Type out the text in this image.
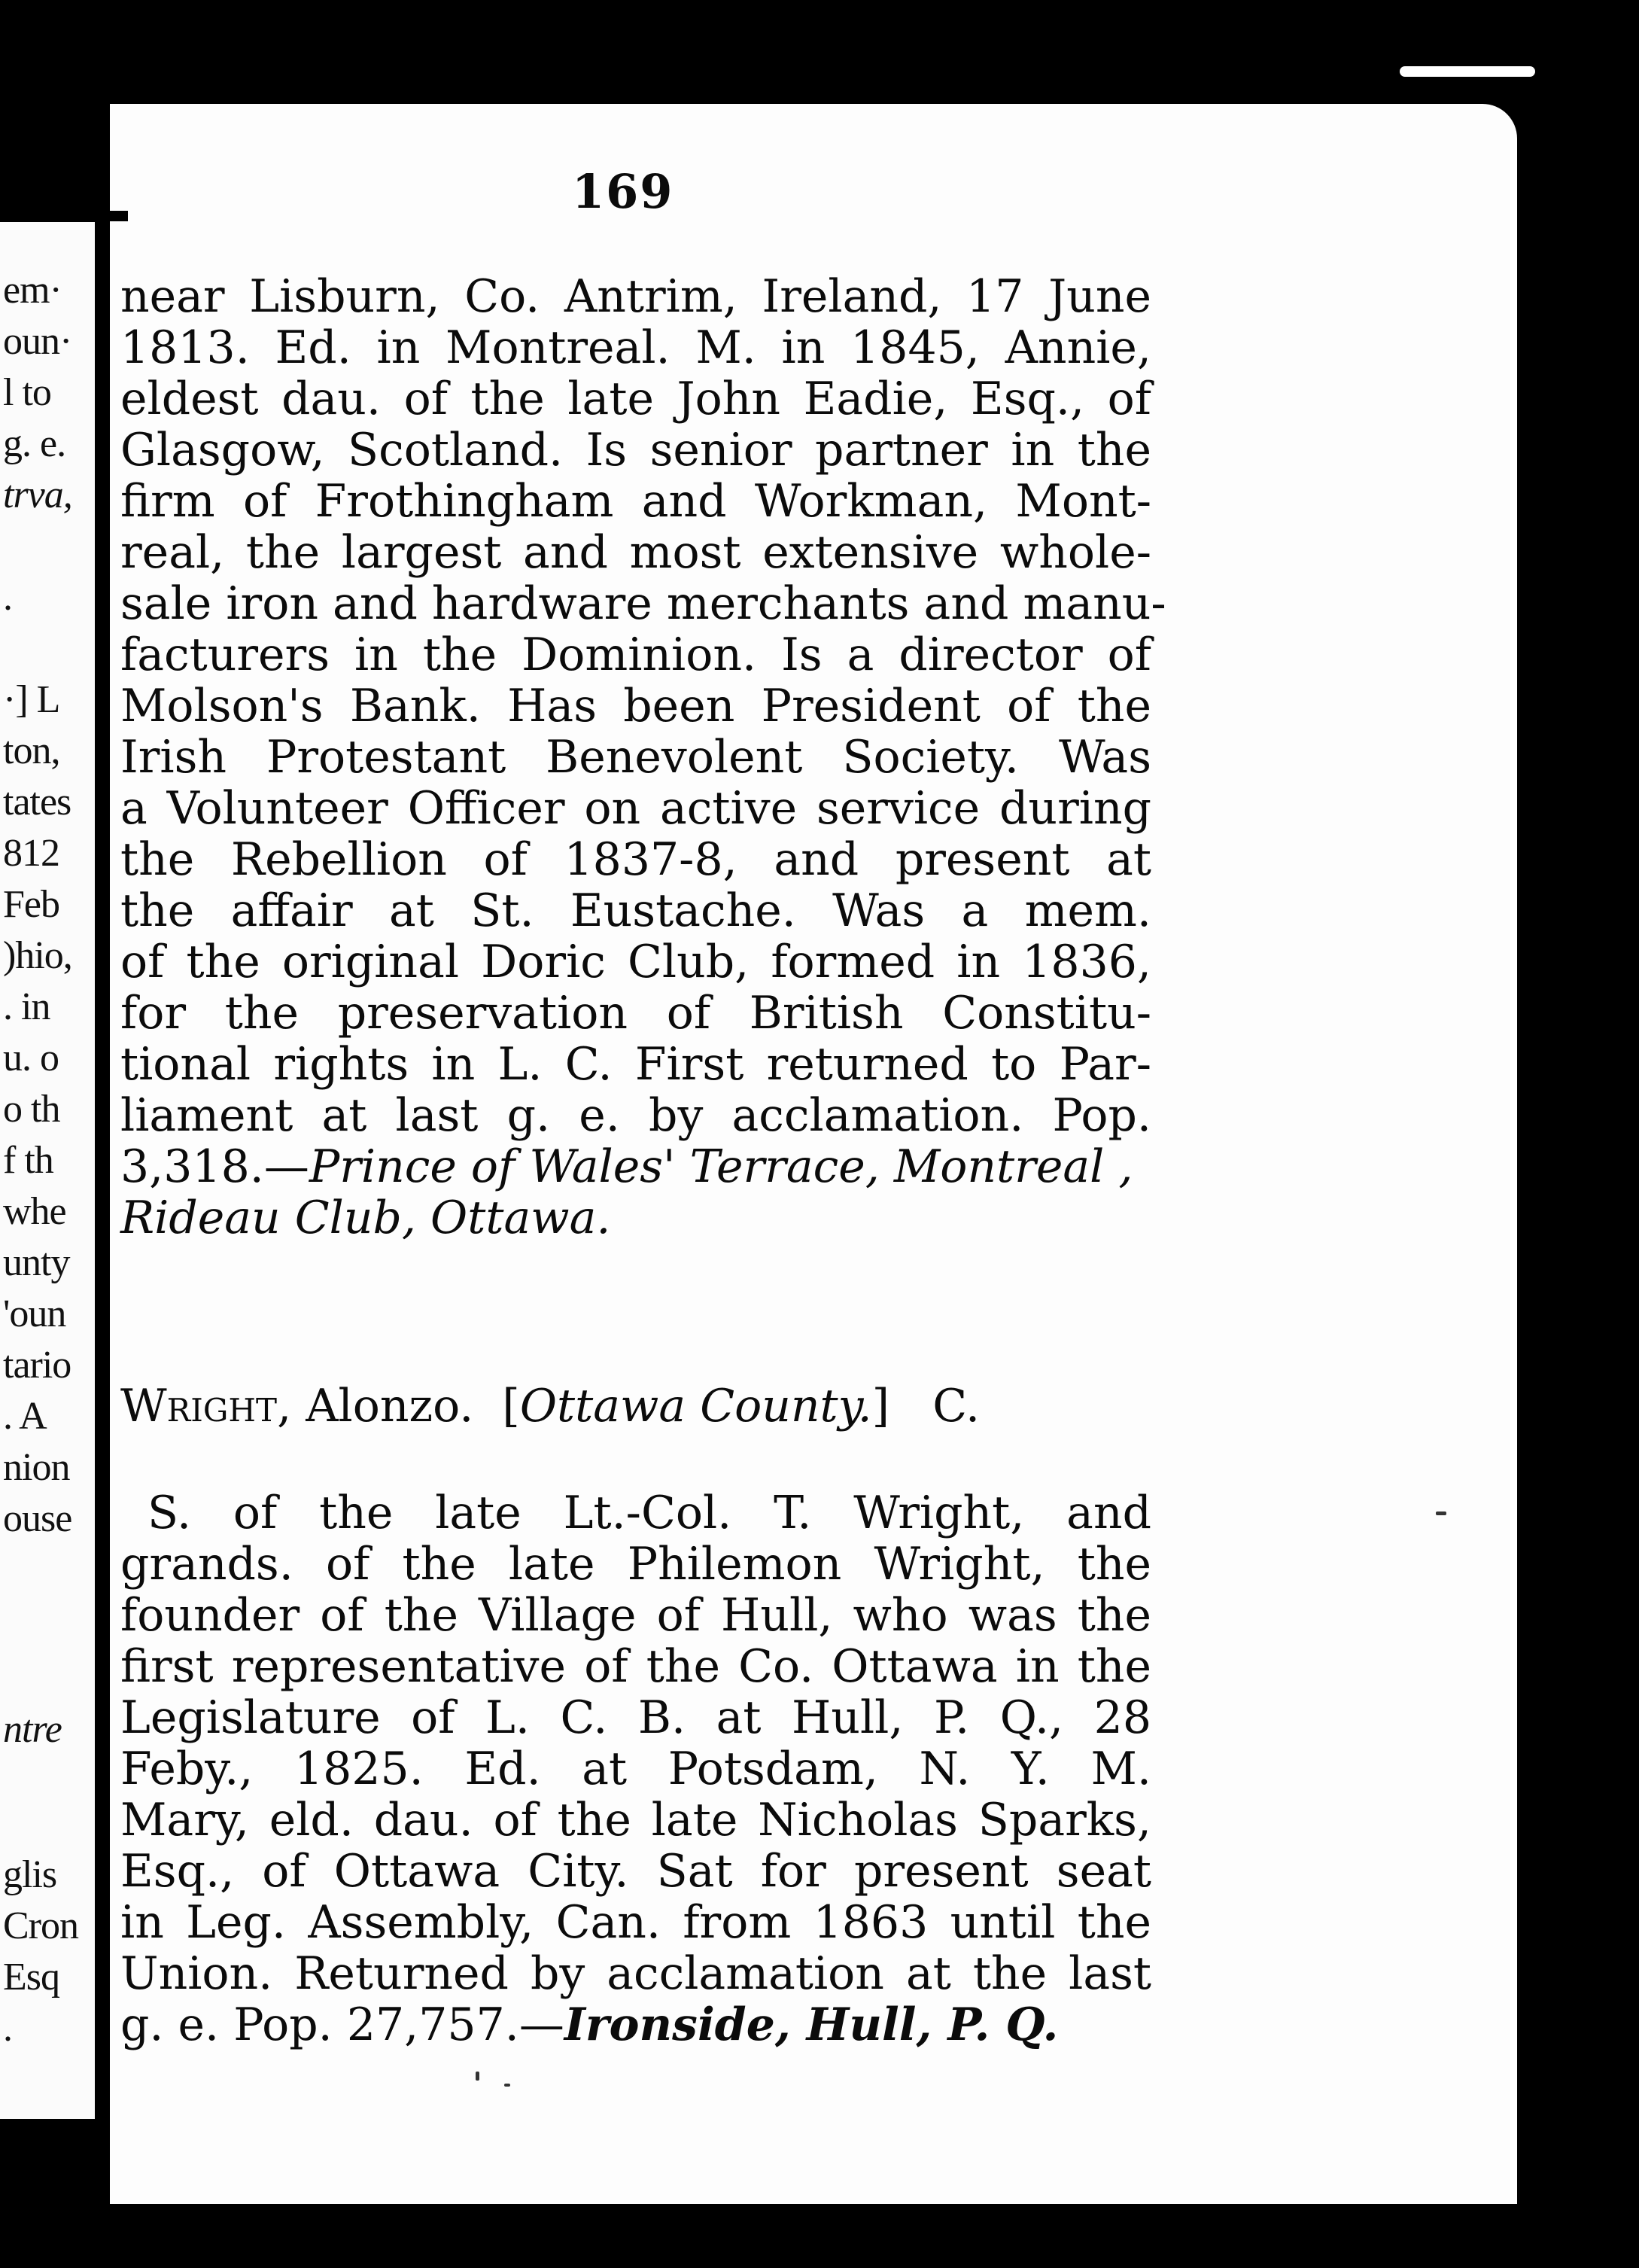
em·
oun·
l to
g. e.
trva,
.
·] L
ton,
tates
812
Feb
)hio,
. in
u. o
o th
f th
whe
unty
'oun
tario
. A
nion
ouse
ntre
glis
Cron
Esq
.
169
near Lisburn, Co. Antrim, Ireland, 17 June
1813. Ed. in Montreal. M. in 1845, Annie,
eldest dau. of the late John Eadie, Esq., of
Glasgow, Scotland. Is senior partner in the
firm of Frothingham and Workman, Mont-
real, the largest and most extensive whole-
sale iron and hardware merchants and manu-
facturers in the Dominion. Is a director of
Molson's Bank. Has been President of the
Irish Protestant Benevolent Society. Was
a Volunteer Officer on active service during
the Rebellion of 1837-8, and present at
the affair at St. Eustache. Was a mem.
of the original Doric Club, formed in 1836,
for the preservation of British Constitu-
tional rights in L. C. First returned to Par-
liament at last g. e. by acclamation. Pop.
3,318.—Prince of Wales' Terrace, Montreal ,
Rideau Club, Ottawa.
Wright, Alonzo.  [Ottawa County.]   C.
S. of the late Lt.-Col. T. Wright, and
grands. of the late Philemon Wright, the
founder of the Village of Hull, who was the
first representative of the Co. Ottawa in the
Legislature of L. C. B. at Hull, P. Q., 28
Feby., 1825. Ed. at Potsdam, N. Y. M.
Mary, eld. dau. of the late Nicholas Sparks,
Esq., of Ottawa City. Sat for present seat
in Leg. Assembly, Can. from 1863 until the
Union. Returned by acclamation at the last
g. e. Pop. 27,757.—Ironside, Hull, P. Q.
